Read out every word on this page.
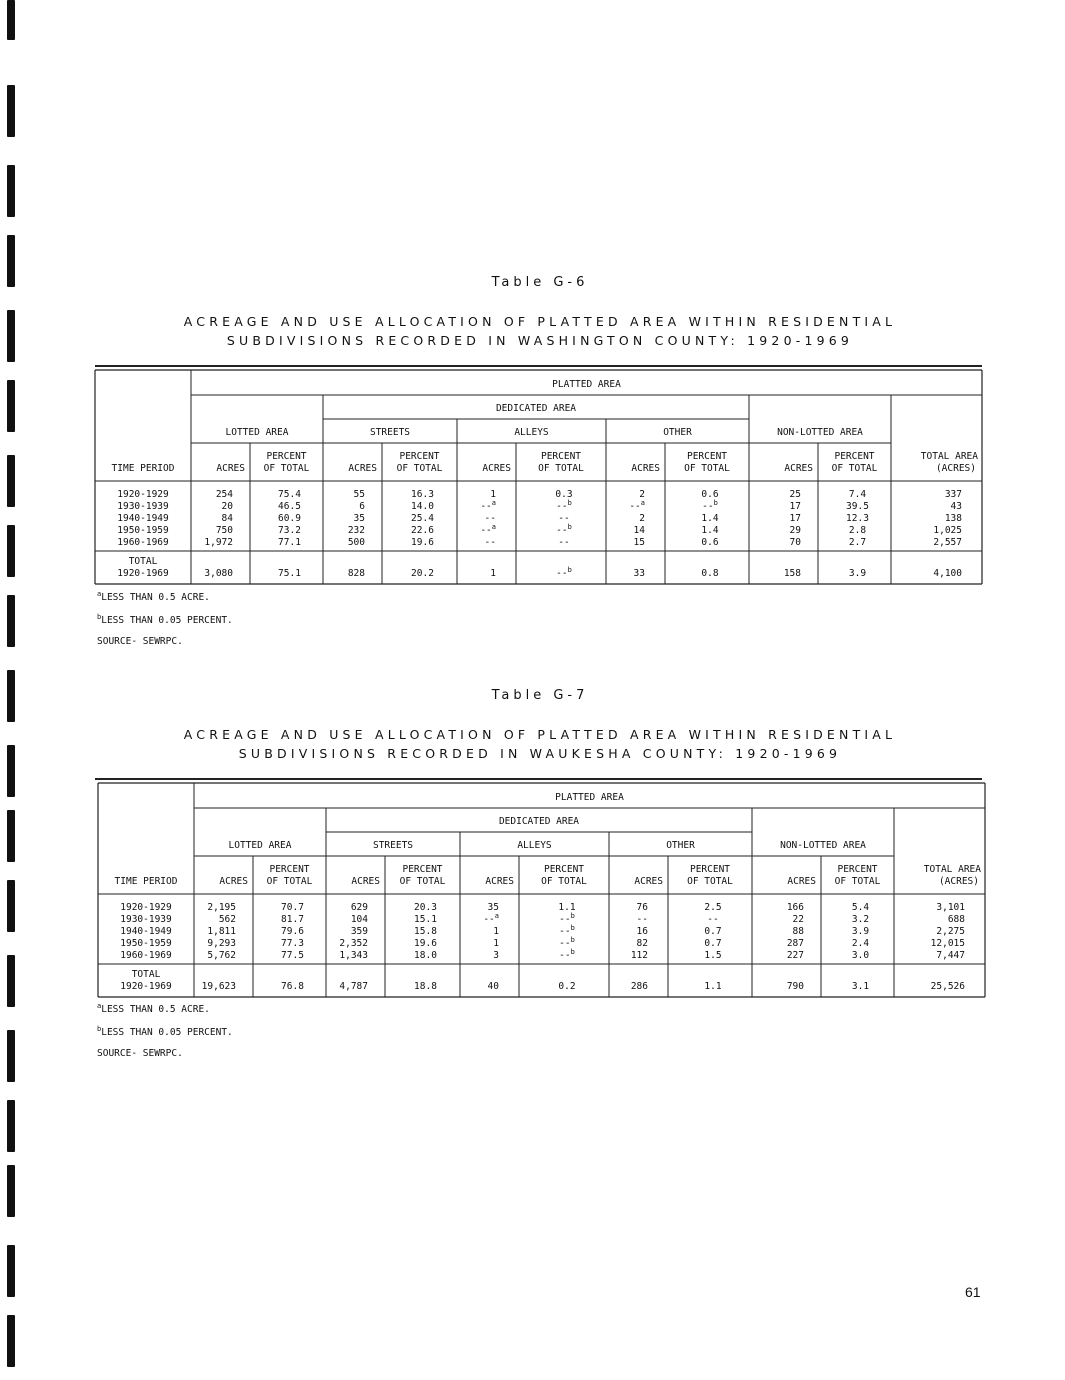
Table G-6
ACREAGE AND USE ALLOCATION OF PLATTED AREA WITHIN RESIDENTIAL
SUBDIVISIONS RECORDED IN WASHINGTON COUNTY: 1920-1969
PLATTED AREA
DEDICATED AREA
LOTTED AREA	STREETS	ALLEYS	OTHER	NON-LOTTED AREA
TIME PERIOD	ACRES
PERCENT
OF TOTAL	ACRES
PERCENT
OF TOTAL	ACRES
PERCENT
OF TOTAL	ACRES
PERCENT
OF TOTAL	ACRES
PERCENT
OF TOTAL
TOTAL AREA
(ACRES)
1920-1929	254	75.4	55	16.3	1	0.3	2	0.6	25	7.4	337
1930-1939	20	46.5	6	14.0	--$^a$	--$^b$	--$^a$	--$^b$	17	39.5	43
1940-1949	84	60.9	35	25.4	--	--	2	1.4	17	12.3	138
1950-1959	750	73.2	232	22.6	--$^a$	--$^b$	14	1.4	29	2.8	1,025
1960-1969	1,972	77.1	500	19.6	--	--	15	0.6	70	2.7	2,557
TOTAL
1920-1969	3,080	75.1	828	20.2	1	--$^b$	33	0.8	158	3.9	4,100
$^a$LESS THAN 0.5 ACRE.
$^b$LESS THAN 0.05 PERCENT.
SOURCE- SEWRPC.
Table G-7
ACREAGE AND USE ALLOCATION OF PLATTED AREA WITHIN RESIDENTIAL
SUBDIVISIONS RECORDED IN WAUKESHA COUNTY: 1920-1969
PLATTED AREA
DEDICATED AREA
LOTTED AREA	STREETS	ALLEYS	OTHER	NON-LOTTED AREA
TIME PERIOD	ACRES
PERCENT
OF TOTAL	ACRES
PERCENT
OF TOTAL	ACRES
PERCENT
OF TOTAL	ACRES
PERCENT
OF TOTAL	ACRES
PERCENT
OF TOTAL
TOTAL AREA
(ACRES)
1920-1929	2,195	70.7	629	20.3	35	1.1	76	2.5	166	5.4	3,101
1930-1939	562	81.7	104	15.1	--$^a$	--$^b$	--	--	22	3.2	688
1940-1949	1,811	79.6	359	15.8	1	--$^b$	16	0.7	88	3.9	2,275
1950-1959	9,293	77.3	2,352	19.6	1	--$^b$	82	0.7	287	2.4	12,015
1960-1969	5,762	77.5	1,343	18.0	3	--$^b$	112	1.5	227	3.0	7,447
TOTAL
1920-1969	19,623	76.8	4,787	18.8	40	0.2	286	1.1	790	3.1	25,526
$^a$LESS THAN 0.5 ACRE.
$^b$LESS THAN 0.05 PERCENT.
SOURCE- SEWRPC.
61
